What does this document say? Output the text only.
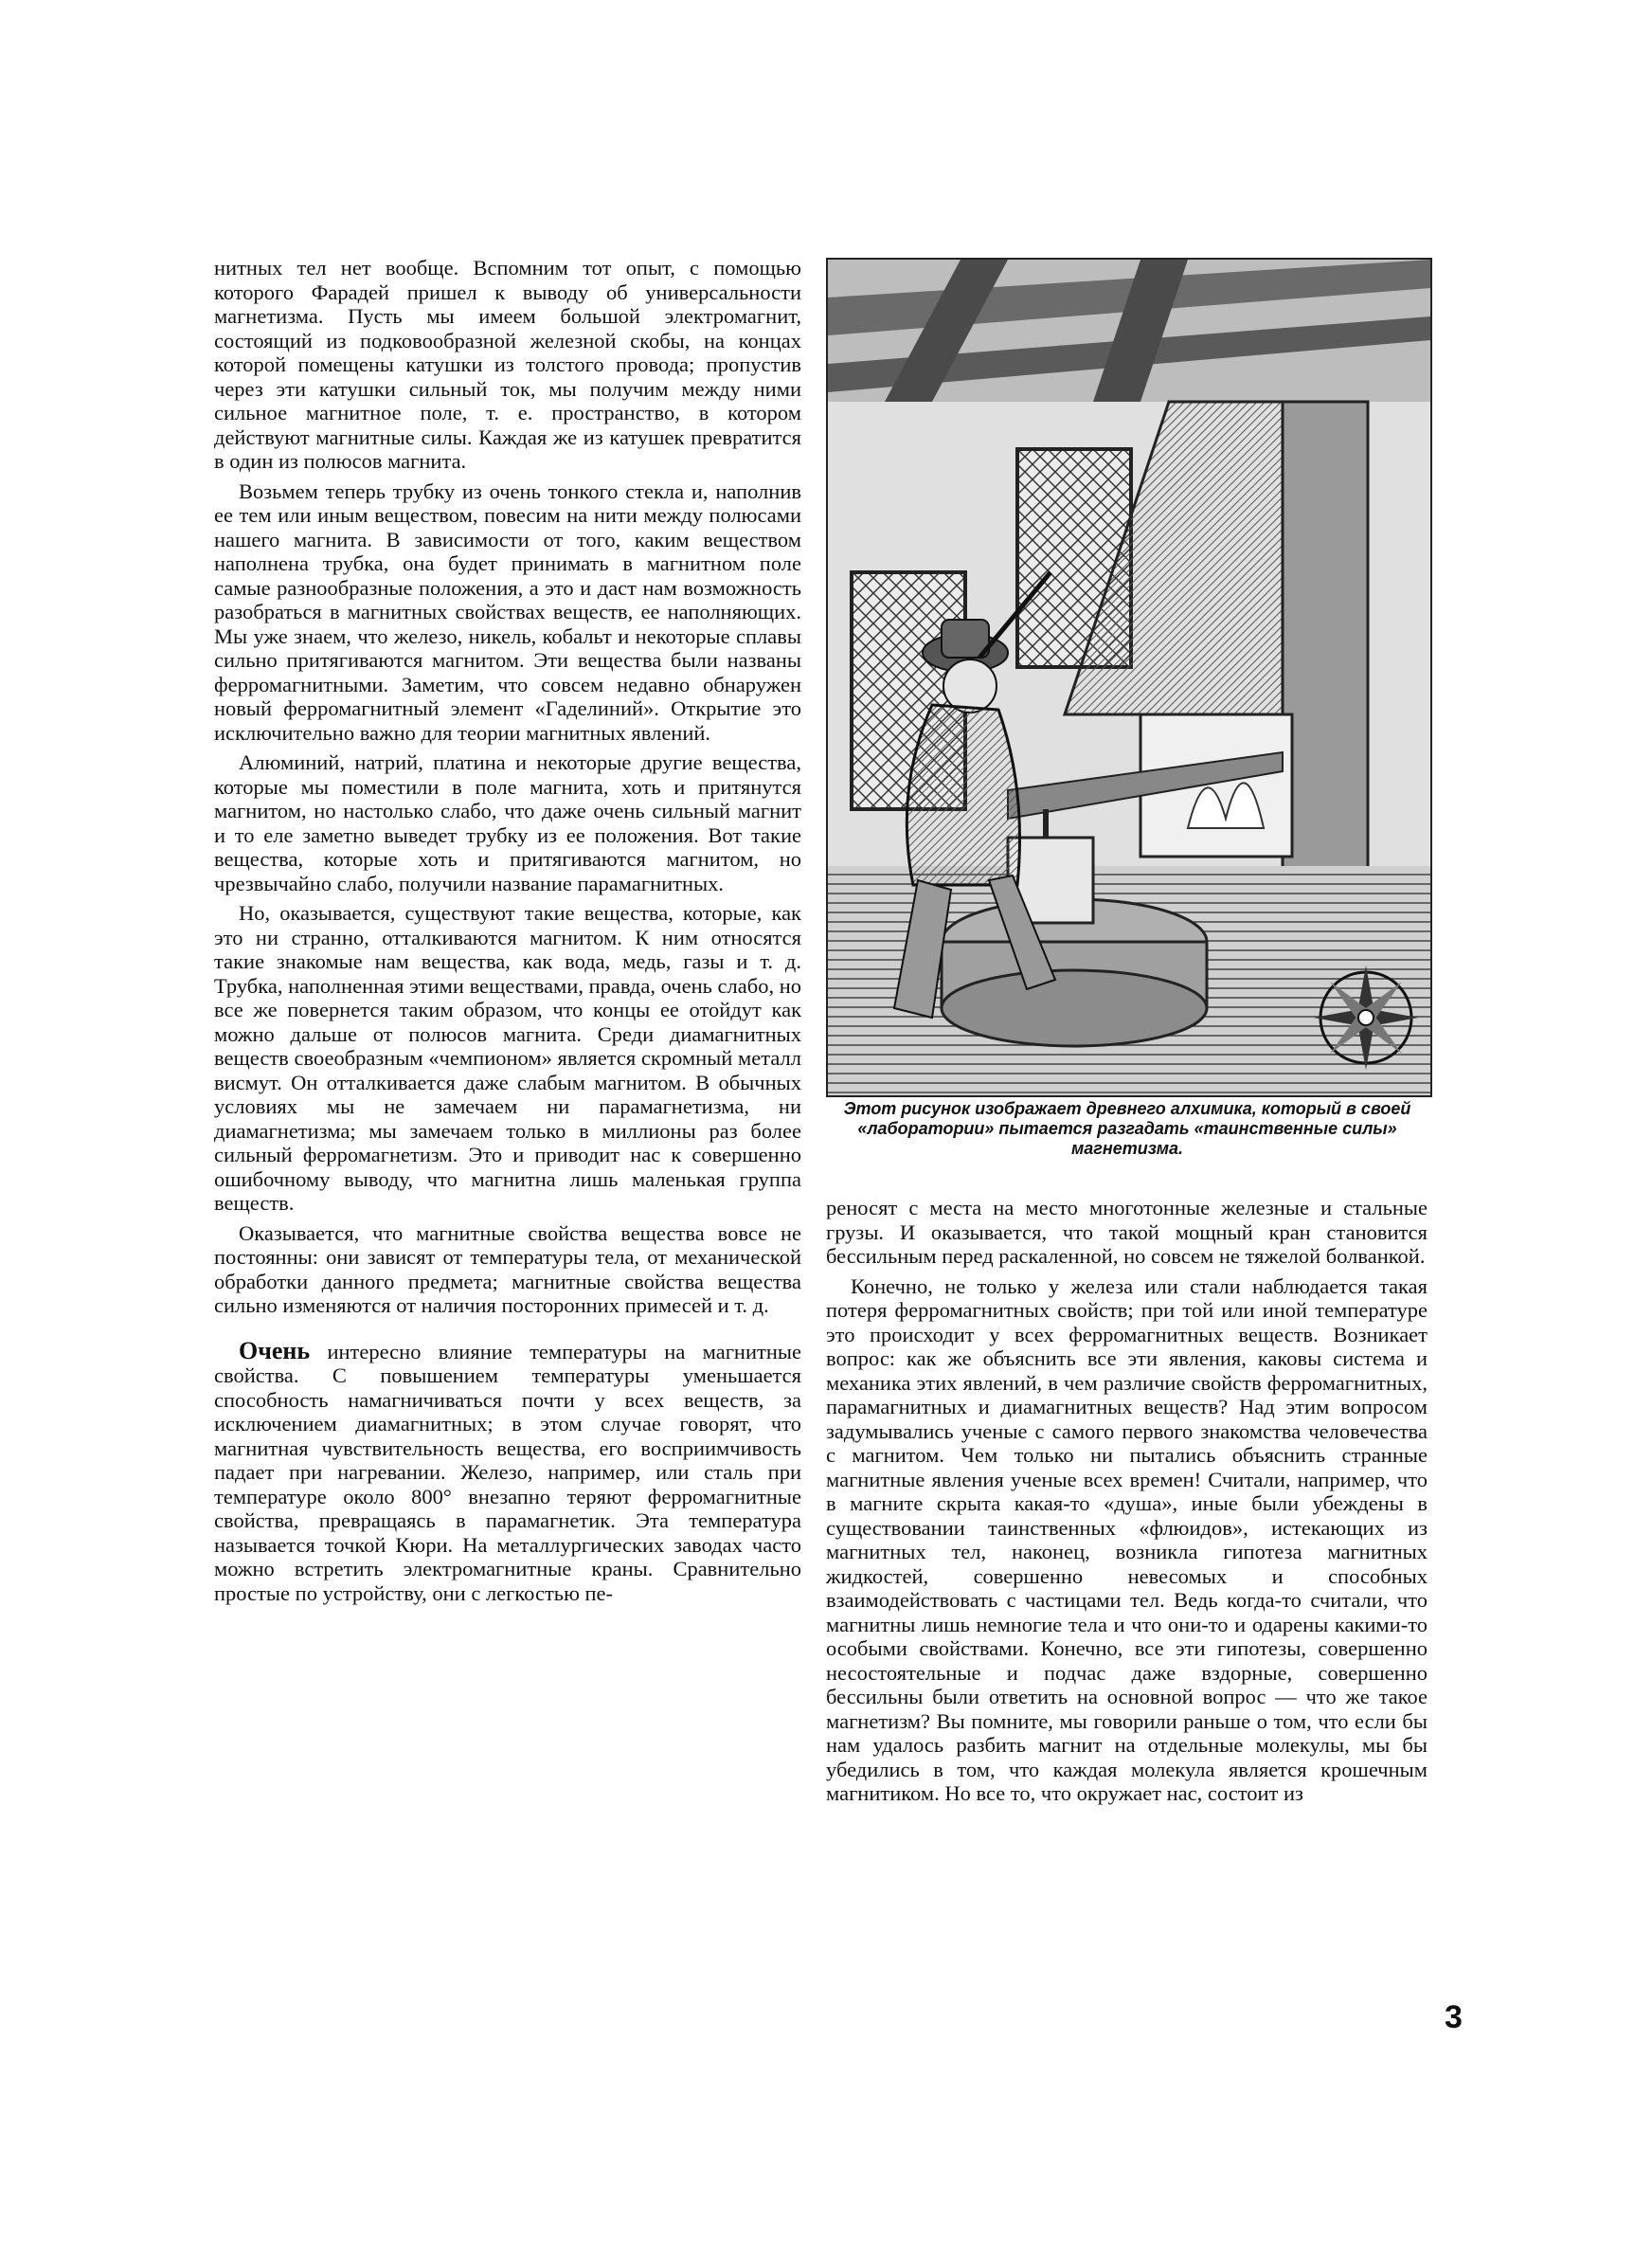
нитных тел нет вообще. Вспомним тот опыт, с помощью которого Фарадей пришел к выводу об универсальности магнетизма. Пусть мы имеем большой электромагнит, состоящий из подковообразной железной скобы, на концах которой помещены катушки из толстого провода; пропустив через эти катушки сильный ток, мы получим между ними сильное магнитное поле, т. е. пространство, в котором действуют магнитные силы. Каждая же из катушек превратится в один из полюсов магнита.

Возьмем теперь трубку из очень тонкого стекла и, наполнив ее тем или иным веществом, повесим на нити между полюсами нашего магнита. В зависимости от того, каким веществом наполнена трубка, она будет принимать в магнитном поле самые разнообразные положения, а это и даст нам возможность разобраться в магнитных свойствах веществ, ее наполняющих. Мы уже знаем, что железо, никель, кобальт и некоторые сплавы сильно притягиваются магнитом. Эти вещества были названы ферромагнитными. Заметим, что совсем недавно обнаружен новый ферромагнитный элемент «Гаделиний». Открытие это исключительно важно для теории магнитных явлений.

Алюминий, натрий, платина и некоторые другие вещества, которые мы поместили в поле магнита, хоть и притянутся магнитом, но настолько слабо, что даже очень сильный магнит и то еле заметно выведет трубку из ее положения. Вот такие вещества, которые хоть и притягиваются магнитом, но чрезвычайно слабо, получили название парамагнитных.

Но, оказывается, существуют такие вещества, которые, как это ни странно, отталкиваются магнитом. К ним относятся такие знакомые нам вещества, как вода, медь, газы и т. д. Трубка, наполненная этими веществами, правда, очень слабо, но все же повернется таким образом, что концы ее отойдут как можно дальше от полюсов магнита. Среди диамагнитных веществ своеобразным «чемпионом» является скромный металл висмут. Он отталкивается даже слабым магнитом. В обычных условиях мы не замечаем ни парамагнетизма, ни диамагнетизма; мы замечаем только в миллионы раз более сильный ферромагнетизм. Это и приводит нас к совершенно ошибочному выводу, что магнитна лишь маленькая группа веществ.

Оказывается, что магнитные свойства вещества вовсе не постоянны: они зависят от температуры тела, от механической обработки данного предмета; магнитные свойства вещества сильно изменяются от наличия посторонних примесей и т. д.

Очень интересно влияние температуры на магнитные свойства. С повышением температуры уменьшается способность намагничиваться почти у всех веществ, за исключением диамагнитных; в этом случае говорят, что магнитная чувствительность вещества, его восприимчивость падает при нагревании. Железо, например, или сталь при температуре около 800° внезапно теряют ферромагнитные свойства, превращаясь в парамагнетик. Эта температура называется точкой Кюри. На металлургических заводах часто можно встретить электромагнитные краны. Сравнительно простые по устройству, они с легкостью пе-

Этот рисунок изображает древнего алхимика, который в своей «лаборатории» пытается разгадать «таинственные силы» магнетизма.

реносят с места на место многотонные железные и стальные грузы. И оказывается, что такой мощный кран становится бессильным перед раскаленной, но совсем не тяжелой болванкой.

Конечно, не только у железа или стали наблюдается такая потеря ферромагнитных свойств; при той или иной температуре это происходит у всех ферромагнитных веществ. Возникает вопрос: как же объяснить все эти явления, каковы система и механика этих явлений, в чем различие свойств ферромагнитных, парамагнитных и диамагнитных веществ? Над этим вопросом задумывались ученые с самого первого знакомства человечества с магнитом. Чем только ни пытались объяснить странные магнитные явления ученые всех времен! Считали, например, что в магните скрыта какая-то «душа», иные были убеждены в существовании таинственных «флюидов», истекающих из магнитных тел, наконец, возникла гипотеза магнитных жидкостей, совершенно невесомых и способных взаимодействовать с частицами тел. Ведь когда-то считали, что магнитны лишь немногие тела и что они-то и одарены какими-то особыми свойствами. Конечно, все эти гипотезы, совершенно несостоятельные и подчас даже вздорные, совершенно бессильны были ответить на основной вопрос — что же такое магнетизм? Вы помните, мы говорили раньше о том, что если бы нам удалось разбить магнит на отдельные молекулы, мы бы убедились в том, что каждая молекула является крошечным магнитиком. Но все то, что окружает нас, состоит из

3
